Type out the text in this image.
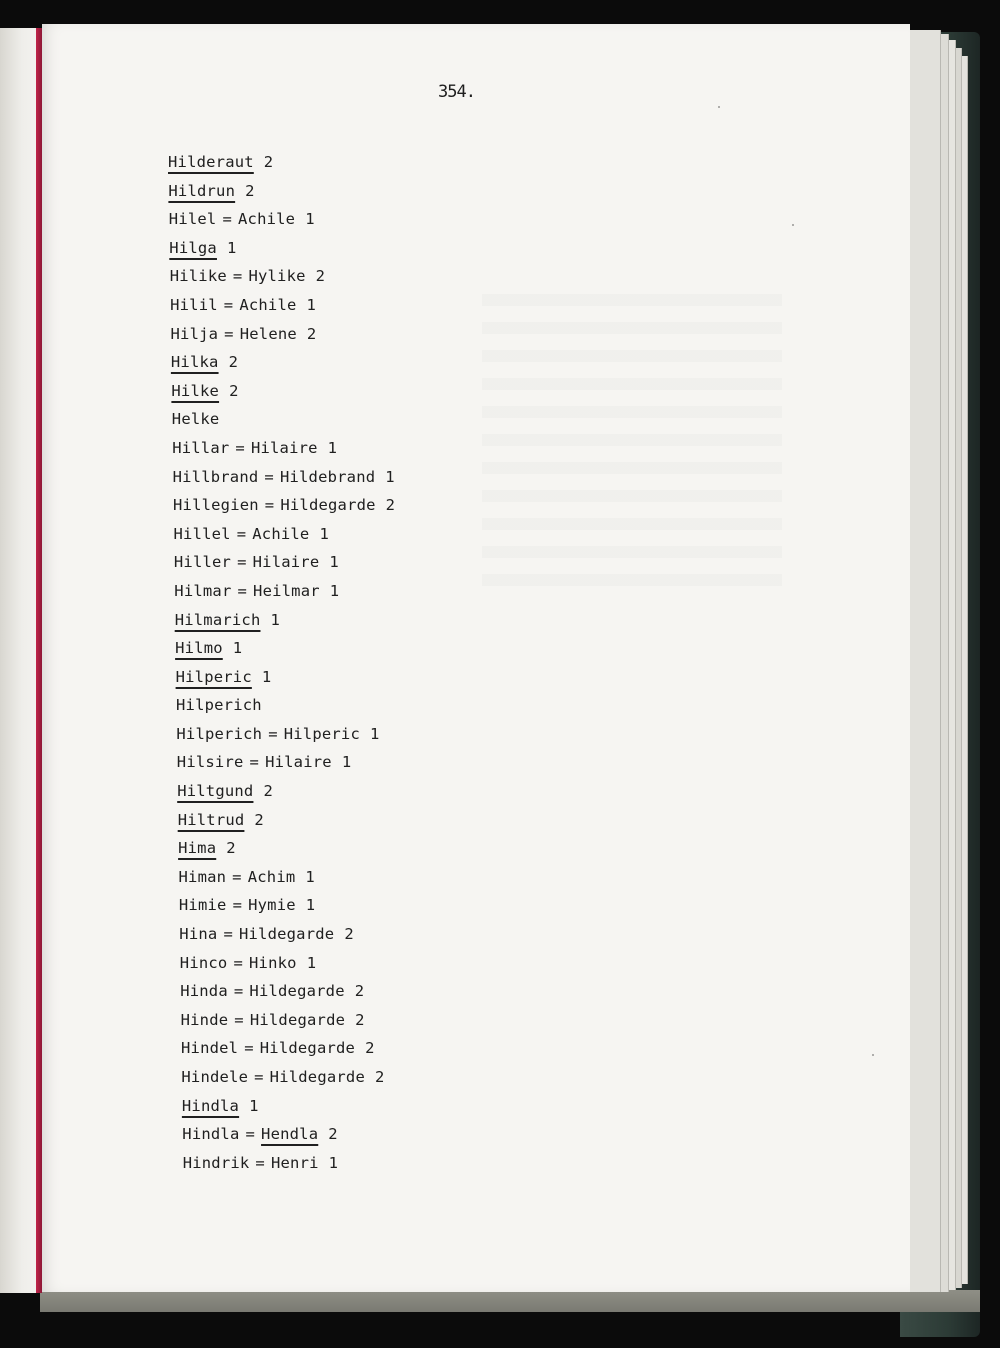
354.
Hilderaut 2
Hildrun 2
Hilel = Achile 1
Hilga 1
Hilike = Hylike 2
Hilil = Achile 1
Hilja = Helene 2
Hilka 2
Hilke 2
Helke
Hillar = Hilaire 1
Hillbrand = Hildebrand 1
Hillegien = Hildegarde 2
Hillel = Achile 1
Hiller = Hilaire 1
Hilmar = Heilmar 1
Hilmarich 1
Hilmo 1
Hilperic 1
Hilperich
Hilperich = Hilperic 1
Hilsire = Hilaire 1
Hiltgund 2
Hiltrud 2
Hima 2
Himan = Achim 1
Himie = Hymie 1
Hina = Hildegarde 2
Hinco = Hinko 1
Hinda = Hildegarde 2
Hinde = Hildegarde 2
Hindel = Hildegarde 2
Hindele = Hildegarde 2
Hindla 1
Hindla = Hendla 2
Hindrik = Henri 1
